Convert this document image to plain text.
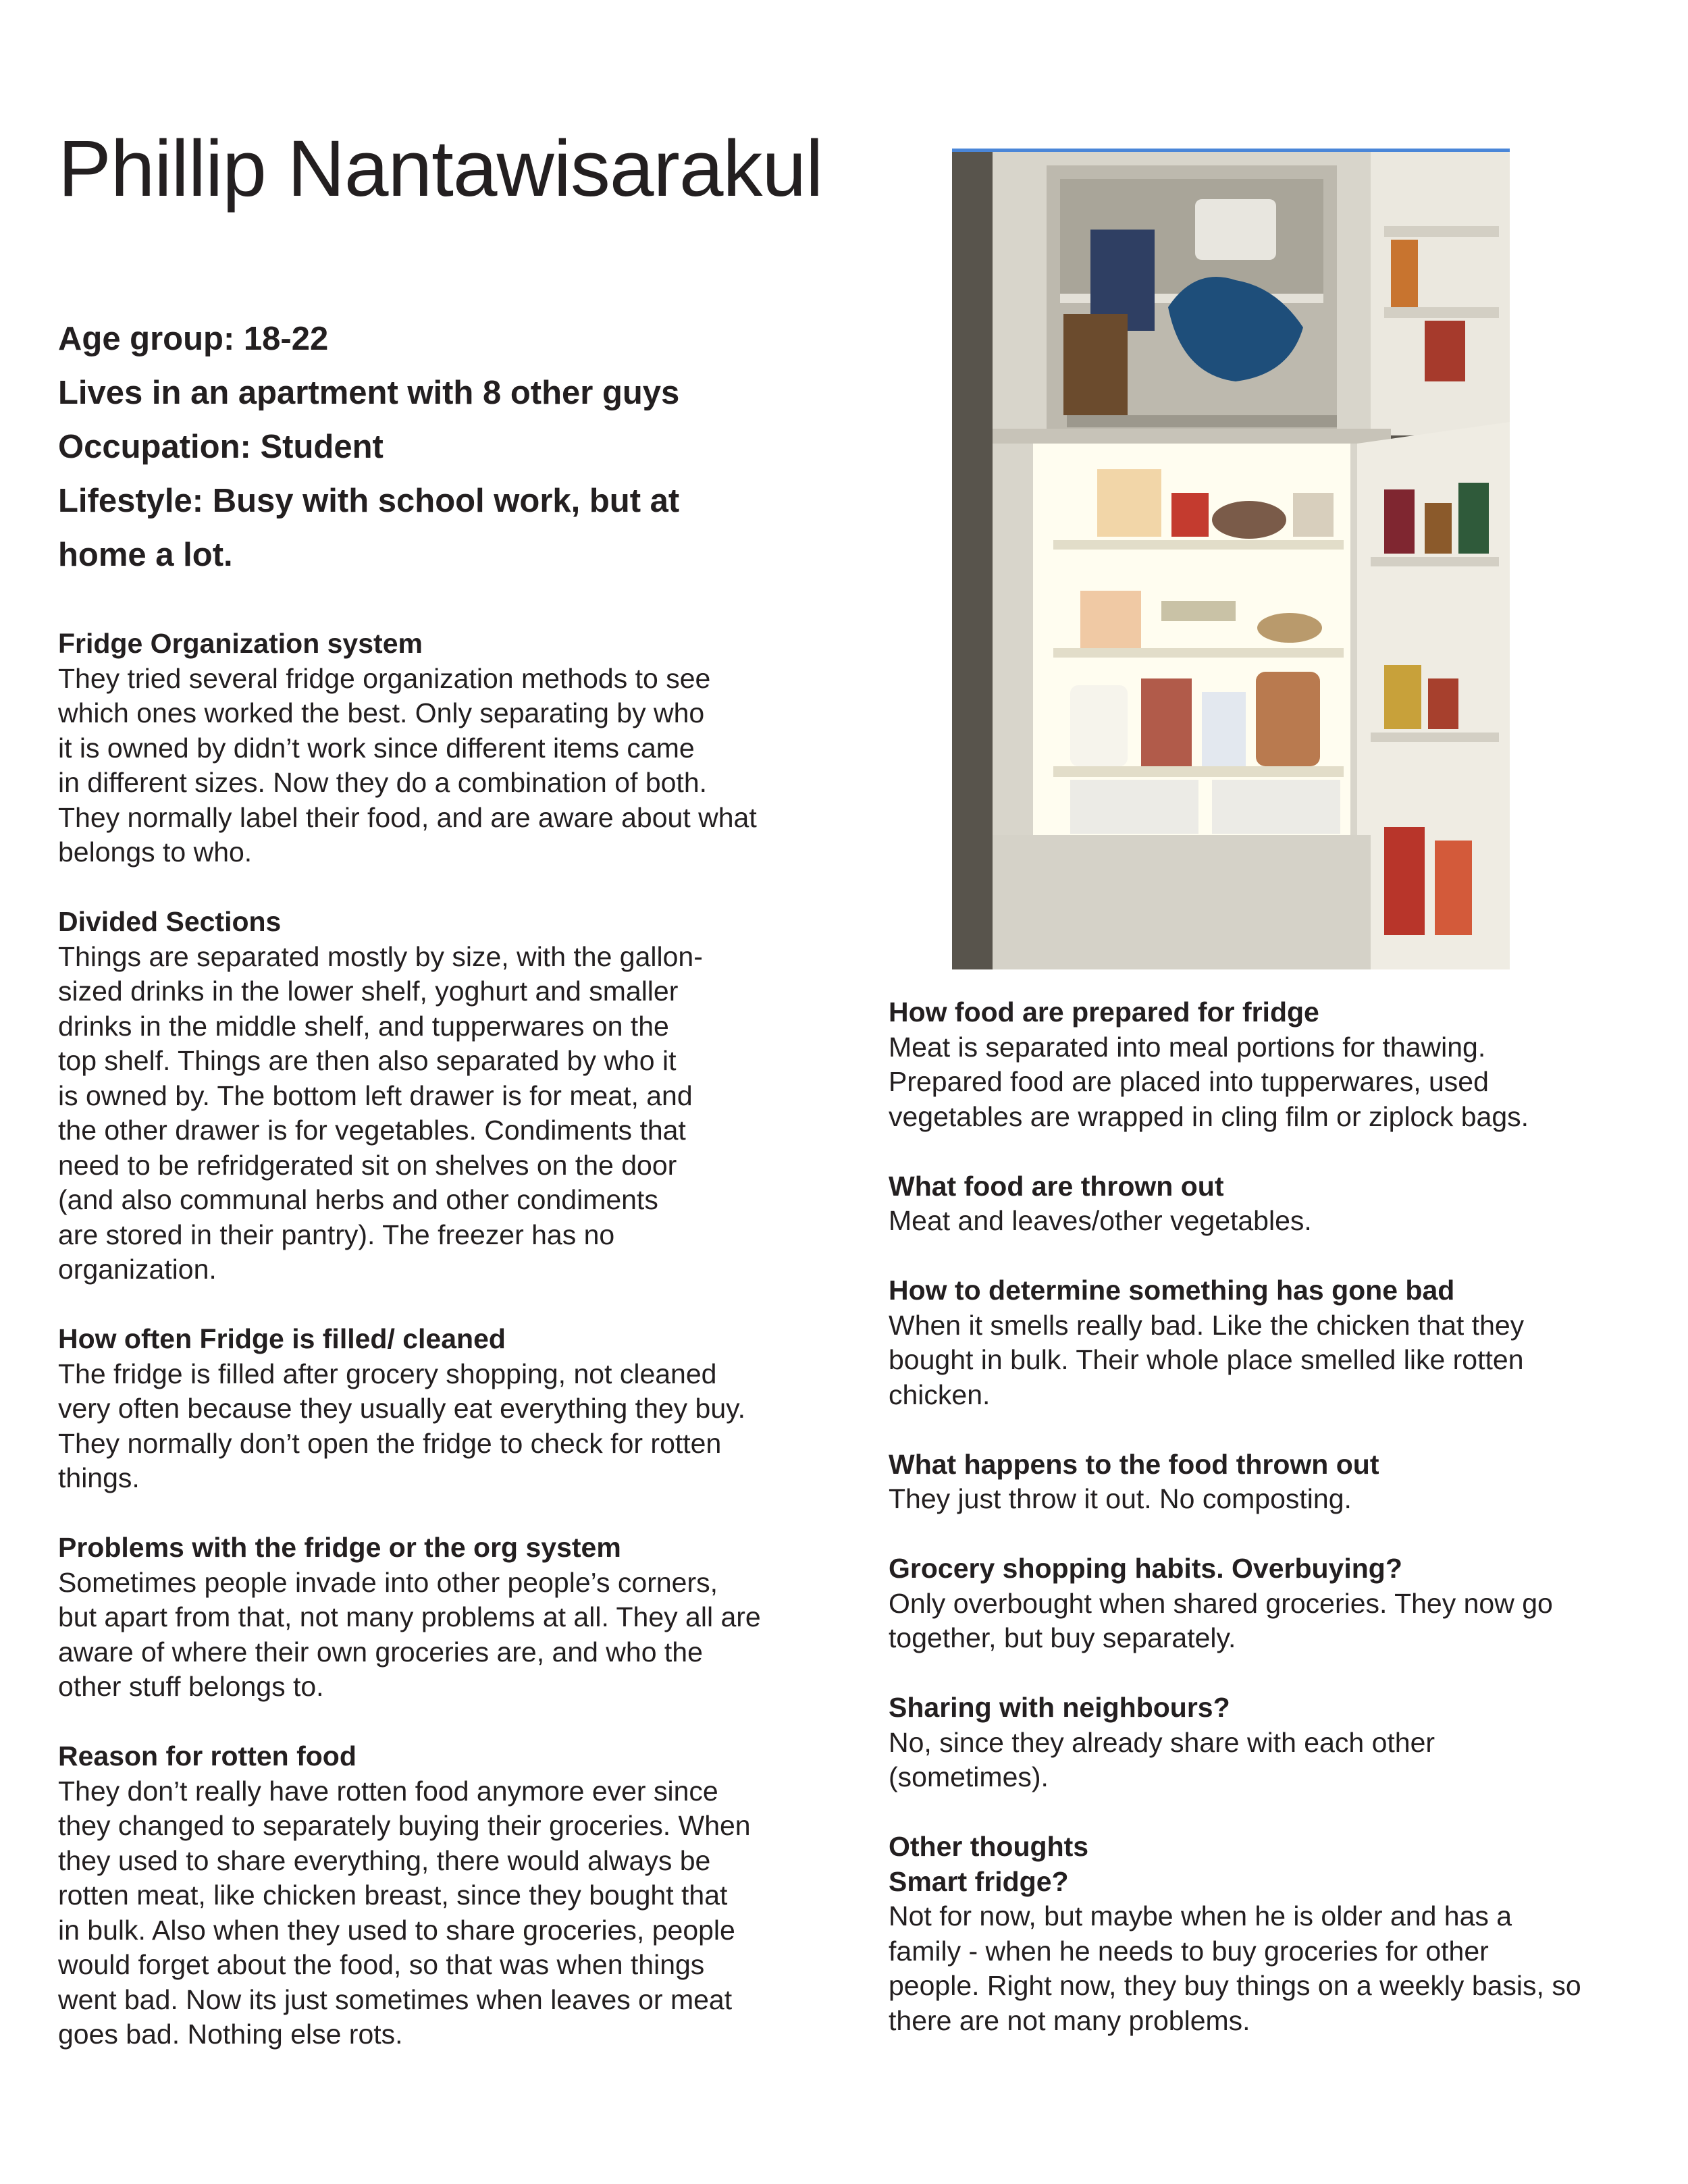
Phillip Nantawisarakul
Age group: 18-22
Lives in an apartment with 8 other guys
Occupation: Student
Lifestyle: Busy with school work, but at
home a lot.
Fridge Organization system
They tried several fridge organization methods to see
which ones worked the best. Only separating by who
it is owned by didn’t work since different items came
in different sizes. Now they do a combination of both.
They normally label their food, and are aware about what
belongs to who.
Divided Sections
Things are separated mostly by size, with the gallon-
sized drinks in the lower shelf, yoghurt and smaller
drinks in the middle shelf, and tupperwares on the
top shelf. Things are then also separated by who it
is owned by. The bottom left drawer is for meat, and
the other drawer is for vegetables. Condiments that
need to be refridgerated sit on shelves on the door
(and also communal herbs and other condiments
are stored in their pantry). The freezer has no
organization.
How often Fridge is filled/ cleaned
The fridge is filled after grocery shopping, not cleaned
very often because they usually eat everything they buy.
They normally don’t open the fridge to check for rotten
things.
Problems with the fridge or the org system
Sometimes people invade into other people’s corners,
but apart from that, not many problems at all. They all are
aware of where their own groceries are, and who the
other stuff belongs to.
Reason for rotten food
They don’t really have rotten food anymore ever since
they changed to separately buying their groceries. When
they used to share everything, there would always be
rotten meat, like chicken breast, since they bought that
in bulk. Also when they used to share groceries, people
would forget about the food, so that was when things
went bad. Now its just sometimes when leaves or meat
goes bad. Nothing else rots.
How food are prepared for fridge
Meat is separated into meal portions for thawing.
Prepared food are placed into tupperwares, used
vegetables are wrapped in cling film or ziplock bags.
What food are thrown out
Meat and leaves/other vegetables.
How to determine something has gone bad
When it smells really bad. Like the chicken that they
bought in bulk. Their whole place smelled like rotten
chicken.
What happens to the food thrown out
They just throw it out. No composting.
Grocery shopping habits. Overbuying?
Only overbought when shared groceries. They now go
together, but buy separately.
Sharing with neighbours?
No, since they already share with each other
(sometimes).
Other thoughts
Smart fridge?
Not for now, but maybe when he is older and has a
family - when he needs to buy groceries for other
people. Right now, they buy things on a weekly basis, so
there are not many problems.
